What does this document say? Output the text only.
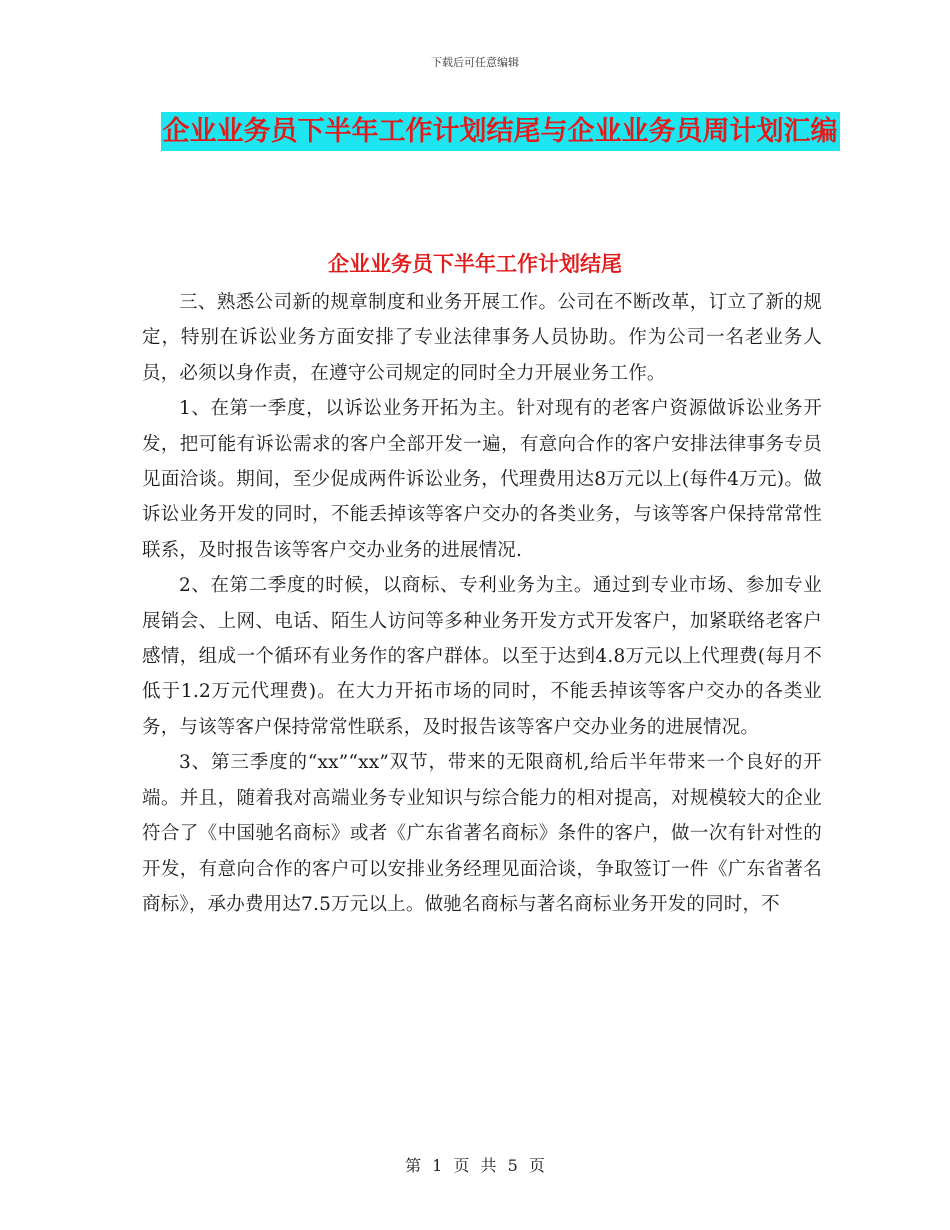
下载后可任意编辑
企业业务员下半年工作计划结尾与企业业务员周计划汇编
企业业务员下半年工作计划结尾

三、熟悉公司新的规章制度和业务开展工作。公司在不断改革，订立了新的规定，特别在诉讼业务方面安排了专业法律事务人员协助。作为公司一名老业务人员，必须以身作责，在遵守公司规定的同时全力开展业务工作。

1、在第一季度，以诉讼业务开拓为主。针对现有的老客户资源做诉讼业务开发，把可能有诉讼需求的客户全部开发一遍，有意向合作的客户安排法律事务专员见面洽谈。期间，至少促成两件诉讼业务，代理费用达8万元以上(每件4万元)。做诉讼业务开发的同时，不能丢掉该等客户交办的各类业务，与该等客户保持常常性联系，及时报告该等客户交办业务的进展情况.

2、在第二季度的时候，以商标、专利业务为主。通过到专业市场、参加专业展销会、上网、电话、陌生人访问等多种业务开发方式开发客户，加紧联络老客户感情，组成一个循环有业务作的客户群体。以至于达到4.8万元以上代理费(每月不低于1.2万元代理费)。在大力开拓市场的同时，不能丢掉该等客户交办的各类业务，与该等客户保持常常性联系，及时报告该等客户交办业务的进展情况。

3、第三季度的“xx”“xx”双节，带来的无限商机,给后半年带来一个良好的开端。并且，随着我对高端业务专业知识与综合能力的相对提高，对规模较大的企业符合了《中国驰名商标》或者《广东省著名商标》条件的客户，做一次有针对性的开发，有意向合作的客户可以安排业务经理见面洽谈，争取签订一件《广东省著名商标》，承办费用达7.5万元以上。做驰名商标与著名商标业务开发的同时，不

第 1 页 共 5 页
